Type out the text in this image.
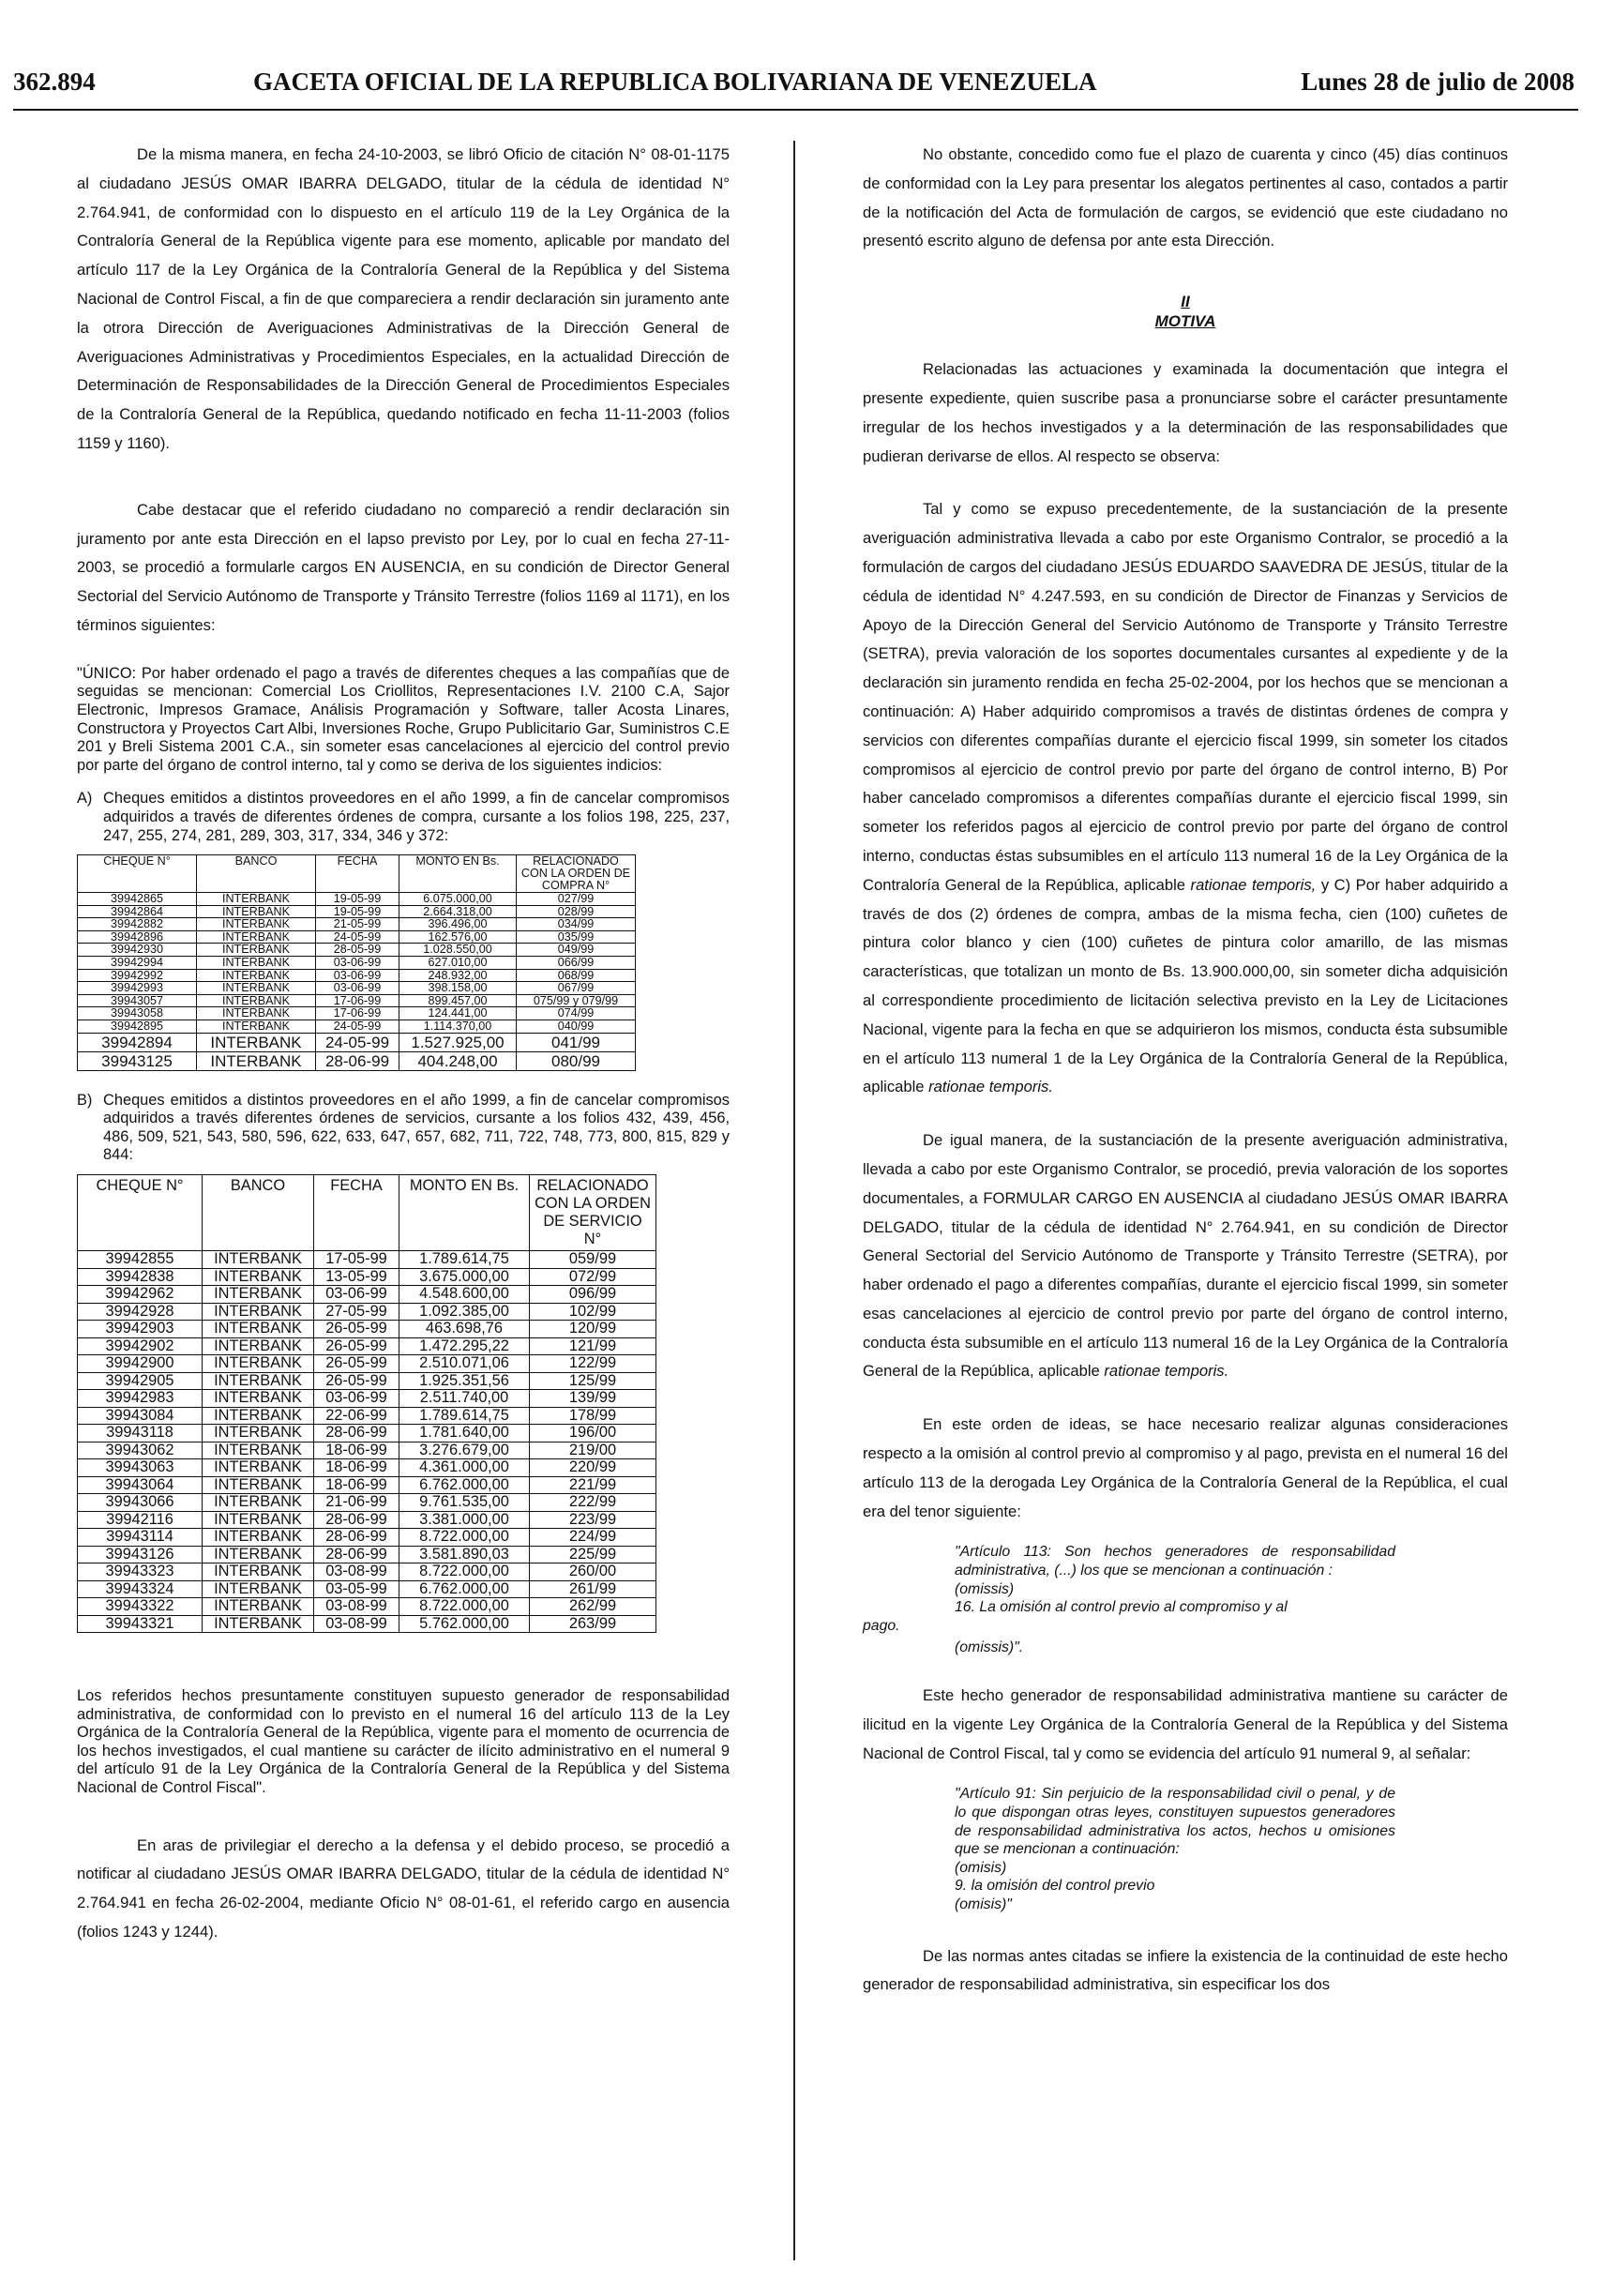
362.894	GACETA OFICIAL DE LA REPUBLICA BOLIVARIANA DE VENEZUELA	Lunes 28 de julio de 2008

De la misma manera, en fecha 24-10-2003, se libró Oficio de citación N° 08-01-1175 al ciudadano JESÚS OMAR IBARRA DELGADO, titular de la cédula de identidad N° 2.764.941, de conformidad con lo dispuesto en el artículo 119 de la Ley Orgánica de la Contraloría General de la República vigente para ese momento, aplicable por mandato del artículo 117 de la Ley Orgánica de la Contraloría General de la República y del Sistema Nacional de Control Fiscal, a fin de que compareciera a rendir declaración sin juramento ante la otrora Dirección de Averiguaciones Administrativas de la Dirección General de Averiguaciones Administrativas y Procedimientos Especiales, en la actualidad Dirección de Determinación de Responsabilidades de la Dirección General de Procedimientos Especiales de la Contraloría General de la República, quedando notificado en fecha 11-11-2003 (folios 1159 y 1160).

Cabe destacar que el referido ciudadano no compareció a rendir declaración sin juramento por ante esta Dirección en el lapso previsto por Ley, por lo cual en fecha 27-11-2003, se procedió a formularle cargos EN AUSENCIA, en su condición de Director General Sectorial del Servicio Autónomo de Transporte y Tránsito Terrestre (folios 1169 al 1171), en los términos siguientes:

"ÚNICO: Por haber ordenado el pago a través de diferentes cheques a las compañías que de seguidas se mencionan: Comercial Los Criollitos, Representaciones I.V. 2100 C.A, Sajor Electronic, Impresos Gramace, Análisis Programación y Software, taller Acosta Linares, Constructora y Proyectos Cart Albi, Inversiones Roche, Grupo Publicitario Gar, Suministros C.E 201 y Breli Sistema 2001 C.A., sin someter esas cancelaciones al ejercicio del control previo por parte del órgano de control interno, tal y como se deriva de los siguientes indicios:

A) Cheques emitidos a distintos proveedores en el año 1999, a fin de cancelar compromisos adquiridos a través de diferentes órdenes de compra, cursante a los folios 198, 225, 237, 247, 255, 274, 281, 289, 303, 317, 334, 346 y 372:
CHEQUE N°	BANCO	FECHA	MONTO EN Bs.	RELACIONADO CON LA ORDEN DE COMPRA N°
39942865	INTERBANK	19-05-99	6.075.000,00	027/99
39942864	INTERBANK	19-05-99	2.664.318,00	028/99
39942882	INTERBANK	21-05-99	396.496,00	034/99
39942896	INTERBANK	24-05-99	162.576,00	035/99
39942930	INTERBANK	28-05-99	1.028.550,00	049/99
39942994	INTERBANK	03-06-99	627.010,00	066/99
39942992	INTERBANK	03-06-99	248.932,00	068/99
39942993	INTERBANK	03-06-99	398.158,00	067/99
39943057	INTERBANK	17-06-99	899.457,00	075/99 y 079/99
39943058	INTERBANK	17-06-99	124.441,00	074/99
39942895	INTERBANK	24-05-99	1.114.370,00	040/99
39942894	INTERBANK	24-05-99	1.527.925,00	041/99
39943125	INTERBANK	28-06-99	404.248,00	080/99
B) Cheques emitidos a distintos proveedores en el año 1999, a fin de cancelar compromisos adquiridos a través diferentes órdenes de servicios, cursante a los folios 432, 439, 456, 486, 509, 521, 543, 580, 596, 622, 633, 647, 657, 682, 711, 722, 748, 773, 800, 815, 829 y 844:
CHEQUE N°	BANCO	FECHA	MONTO EN Bs.	RELACIONADO CON LA ORDEN DE SERVICIO N°
39942855	INTERBANK	17-05-99	1.789.614,75	059/99
39942838	INTERBANK	13-05-99	3.675.000,00	072/99
39942962	INTERBANK	03-06-99	4.548.600,00	096/99
39942928	INTERBANK	27-05-99	1.092.385,00	102/99
39942903	INTERBANK	26-05-99	463.698,76	120/99
39942902	INTERBANK	26-05-99	1.472.295,22	121/99
39942900	INTERBANK	26-05-99	2.510.071,06	122/99
39942905	INTERBANK	26-05-99	1.925.351,56	125/99
39942983	INTERBANK	03-06-99	2.511.740,00	139/99
39943084	INTERBANK	22-06-99	1.789.614,75	178/99
39943118	INTERBANK	28-06-99	1.781.640,00	196/00
39943062	INTERBANK	18-06-99	3.276.679,00	219/00
39943063	INTERBANK	18-06-99	4.361.000,00	220/99
39943064	INTERBANK	18-06-99	6.762.000,00	221/99
39943066	INTERBANK	21-06-99	9.761.535,00	222/99
39942116	INTERBANK	28-06-99	3.381.000,00	223/99
39943114	INTERBANK	28-06-99	8.722.000,00	224/99
39943126	INTERBANK	28-06-99	3.581.890,03	225/99
39943323	INTERBANK	03-08-99	8.722.000,00	260/00
39943324	INTERBANK	03-05-99	6.762.000,00	261/99
39943322	INTERBANK	03-08-99	8.722.000,00	262/99
39943321	INTERBANK	03-08-99	5.762.000,00	263/99

Los referidos hechos presuntamente constituyen supuesto generador de responsabilidad administrativa, de conformidad con lo previsto en el numeral 16 del artículo 113 de la Ley Orgánica de la Contraloría General de la República, vigente para el momento de ocurrencia de los hechos investigados, el cual mantiene su carácter de ilícito administrativo en el numeral 9 del artículo 91 de la Ley Orgánica de la Contraloría General de la República y del Sistema Nacional de Control Fiscal".

En aras de privilegiar el derecho a la defensa y el debido proceso, se procedió a notificar al ciudadano JESÚS OMAR IBARRA DELGADO, titular de la cédula de identidad N° 2.764.941 en fecha 26-02-2004, mediante Oficio N° 08-01-61, el referido cargo en ausencia (folios 1243 y 1244).

No obstante, concedido como fue el plazo de cuarenta y cinco (45) días continuos de conformidad con la Ley para presentar los alegatos pertinentes al caso, contados a partir de la notificación del Acta de formulación de cargos, se evidenció que este ciudadano no presentó escrito alguno de defensa por ante esta Dirección.

II
MOTIVA

Relacionadas las actuaciones y examinada la documentación que integra el presente expediente, quien suscribe pasa a pronunciarse sobre el carácter presuntamente irregular de los hechos investigados y a la determinación de las responsabilidades que pudieran derivarse de ellos. Al respecto se observa:

Tal y como se expuso precedentemente, de la sustanciación de la presente averiguación administrativa llevada a cabo por este Organismo Contralor, se procedió a la formulación de cargos del ciudadano JESÚS EDUARDO SAAVEDRA DE JESÚS, titular de la cédula de identidad N° 4.247.593, en su condición de Director de Finanzas y Servicios de Apoyo de la Dirección General del Servicio Autónomo de Transporte y Tránsito Terrestre (SETRA), previa valoración de los soportes documentales cursantes al expediente y de la declaración sin juramento rendida en fecha 25-02-2004, por los hechos que se mencionan a continuación: A) Haber adquirido compromisos a través de distintas órdenes de compra y servicios con diferentes compañías durante el ejercicio fiscal 1999, sin someter los citados compromisos al ejercicio de control previo por parte del órgano de control interno, B) Por haber cancelado compromisos a diferentes compañías durante el ejercicio fiscal 1999, sin someter los referidos pagos al ejercicio de control previo por parte del órgano de control interno, conductas éstas subsumibles en el artículo 113 numeral 16 de la Ley Orgánica de la Contraloría General de la República, aplicable rationae temporis, y C) Por haber adquirido a través de dos (2) órdenes de compra, ambas de la misma fecha, cien (100) cuñetes de pintura color blanco y cien (100) cuñetes de pintura color amarillo, de las mismas características, que totalizan un monto de Bs. 13.900.000,00, sin someter dicha adquisición al correspondiente procedimiento de licitación selectiva previsto en la Ley de Licitaciones Nacional, vigente para la fecha en que se adquirieron los mismos, conducta ésta subsumible en el artículo 113 numeral 1 de la Ley Orgánica de la Contraloría General de la República, aplicable rationae temporis.

De igual manera, de la sustanciación de la presente averiguación administrativa, llevada a cabo por este Organismo Contralor, se procedió, previa valoración de los soportes documentales, a FORMULAR CARGO EN AUSENCIA al ciudadano JESÚS OMAR IBARRA DELGADO, titular de la cédula de identidad N° 2.764.941, en su condición de Director General Sectorial del Servicio Autónomo de Transporte y Tránsito Terrestre (SETRA), por haber ordenado el pago a diferentes compañías, durante el ejercicio fiscal 1999, sin someter esas cancelaciones al ejercicio de control previo por parte del órgano de control interno, conducta ésta subsumible en el artículo 113 numeral 16 de la Ley Orgánica de la Contraloría General de la República, aplicable rationae temporis.

En este orden de ideas, se hace necesario realizar algunas consideraciones respecto a la omisión al control previo al compromiso y al pago, prevista en el numeral 16 del artículo 113 de la derogada Ley Orgánica de la Contraloría General de la República, el cual era del tenor siguiente:

"Artículo 113: Son hechos generadores de responsabilidad administrativa, (...) los que se mencionan a continuación :

(omissis)

16. La omisión al control previo al compromiso y al

pago.

(omissis)".

Este hecho generador de responsabilidad administrativa mantiene su carácter de ilicitud en la vigente Ley Orgánica de la Contraloría General de la República y del Sistema Nacional de Control Fiscal, tal y como se evidencia del artículo 91 numeral 9, al señalar:

"Artículo 91: Sin perjuicio de la responsabilidad civil o penal, y de lo que dispongan otras leyes, constituyen supuestos generadores de responsabilidad administrativa los actos, hechos u omisiones que se mencionan a continuación:

(omisis)

9. la omisión del control previo

(omisis)"

De las normas antes citadas se infiere la existencia de la continuidad de este hecho generador de responsabilidad administrativa, sin especificar los dos
